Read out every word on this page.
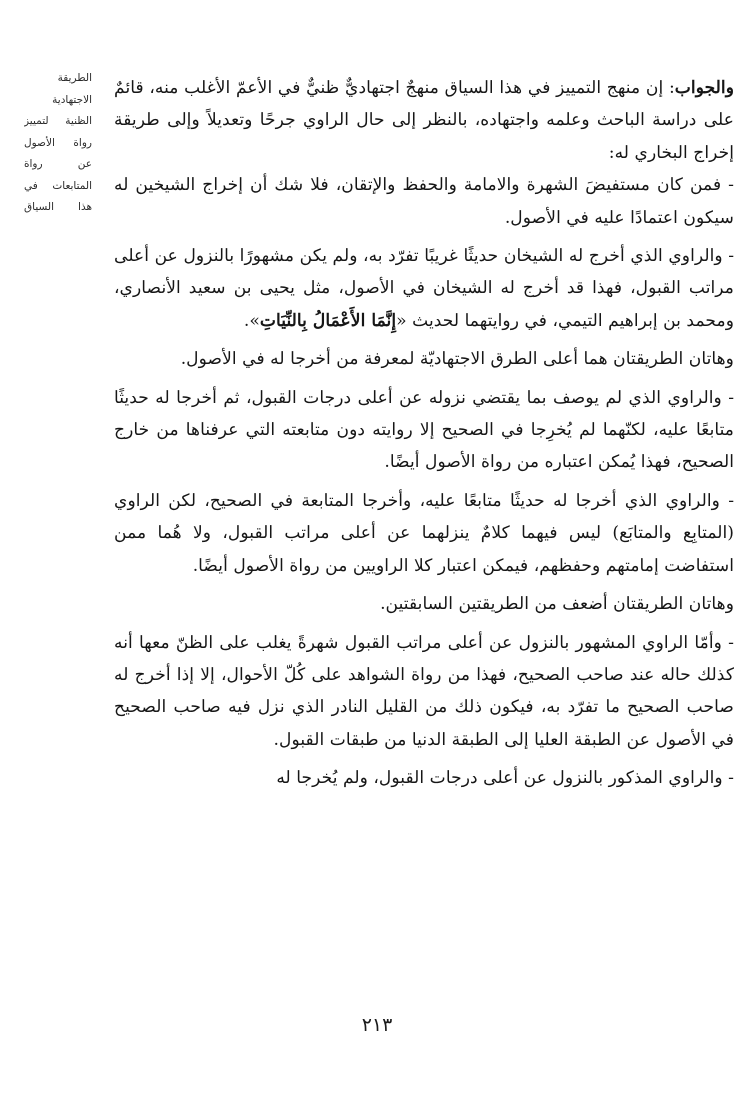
الطريقة
الاجتهادية
الظنية لتمييز
رواة الأصول
عن رواة
المتابعات في
هذا السياق

والجواب: إن منهج التمييز في هذا السياق منهجٌ اجتهاديٌّ ظنيٌّ في الأعمّ الأغلب منه، قائمٌ على دراسة الباحث وعلمه واجتهاده، بالنظر إلى حال الراوي جرحًا وتعديلاً وإلى طريقة إخراج البخاري له:

- فمن كان مستفيضَ الشهرة والامامة والحفظ والإتقان، فلا شك أن إخراج الشيخين له سيكون اعتمادًا عليه في الأصول.

- والراوي الذي أخرج له الشيخان حديثًا غريبًا تفرّد به، ولم يكن مشهورًا بالنزول عن أعلى مراتب القبول، فهذا قد أخرج له الشيخان في الأصول، مثل يحيى بن سعيد الأنصاري، ومحمد بن إبراهيم التيمي، في روايتهما لحديث «إِنَّمَا الأَعْمَالُ بِالنِّيَاتِ».

وهاتان الطريقتان هما أعلى الطرق الاجتهاديّة لمعرفة من أخرجا له في الأصول.

- والراوي الذي لم يوصف بما يقتضي نزوله عن أعلى درجات القبول، ثم أخرجا له حديثًا متابعًا عليه، لكنّهما لم يُخرِجا في الصحيح إلا روايته دون متابعته التي عرفناها من خارج الصحيح، فهذا يُمكن اعتباره من رواة الأصول أيضًا.

- والراوي الذي أخرجا له حديثًا متابعًا عليه، وأخرجا المتابعة في الصحيح، لكن الراوي (المتابِع والمتابَع) ليس فيهما كلامٌ ينزلهما عن أعلى مراتب القبول، ولا هُما ممن استفاضت إمامتهم وحفظهم، فيمكن اعتبار كلا الراويين من رواة الأصول أيضًا.

وهاتان الطريقتان أضعف من الطريقتين السابقتين.

- وأمّا الراوي المشهور بالنزول عن أعلى مراتب القبول شهرةً يغلب على الظنّ معها أنه كذلك حاله عند صاحب الصحيح، فهذا من رواة الشواهد على كُلّ الأحوال، إلا إذا أخرج له صاحب الصحيح ما تفرّد به، فيكون ذلك من القليل النادر الذي نزل فيه صاحب الصحيح في الأصول عن الطبقة العليا إلى الطبقة الدنيا من طبقات القبول.

- والراوي المذكور بالنزول عن أعلى درجات القبول، ولم يُخرجا له

٢١٣
